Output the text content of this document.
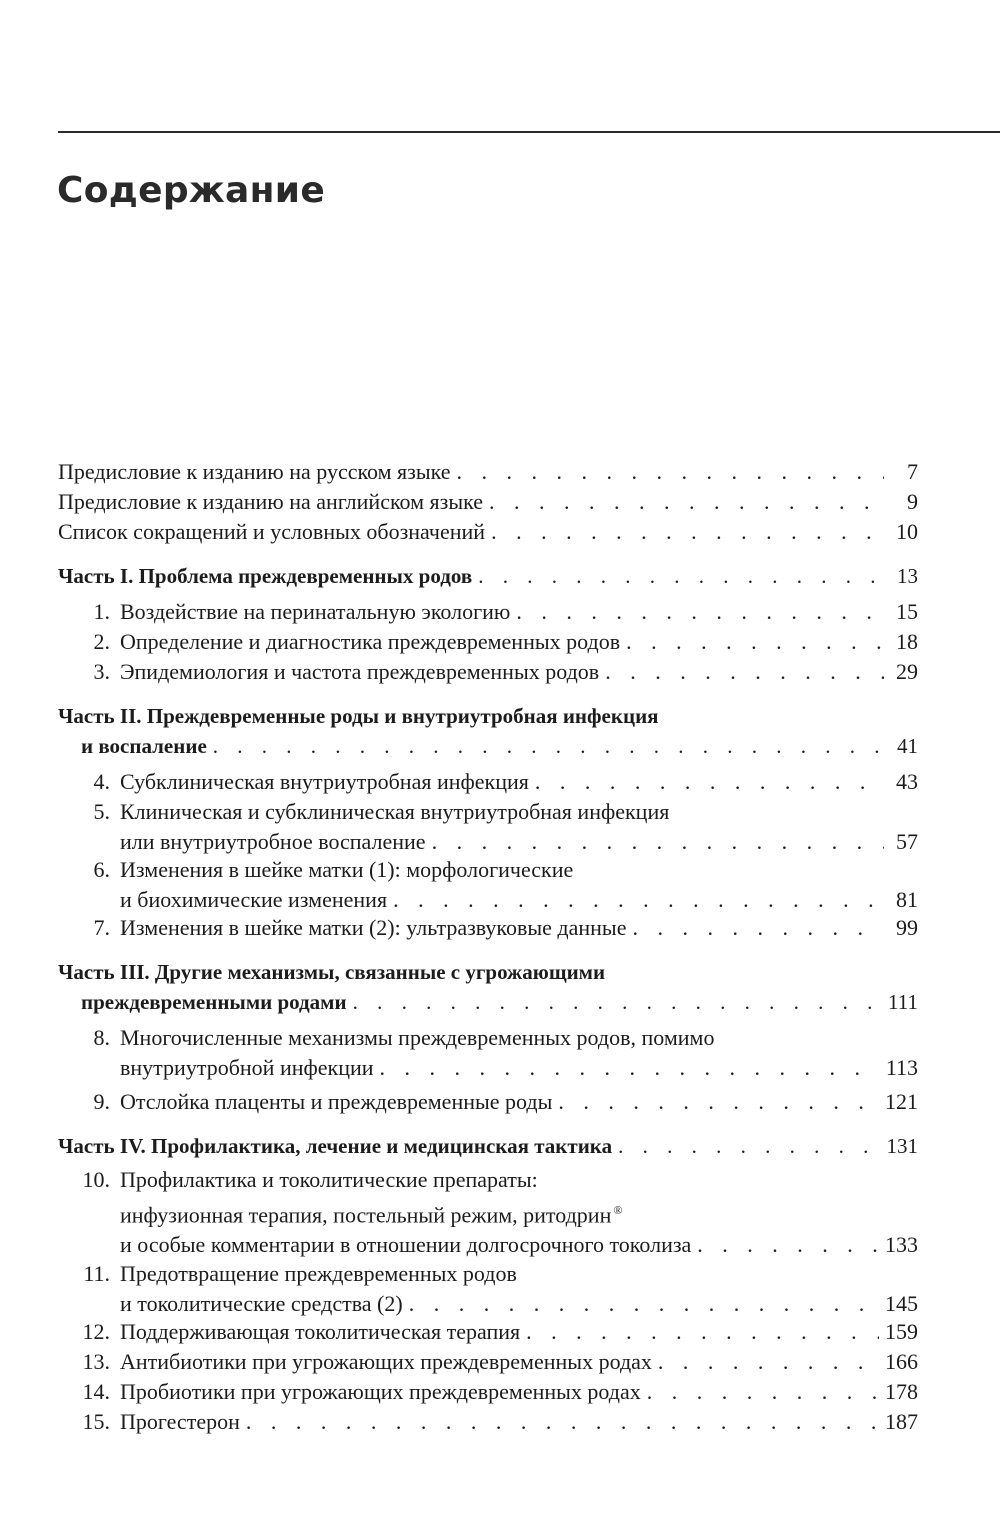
Содержание
Предисловие к изданию на русском языке . . .	7
Предисловие к изданию на английском языке . . .	9
Список сокращений и условных обозначений . . .	10
Часть I. Проблема преждевременных родов . . .	13
1. Воздействие на перинатальную экологию . . .	15
2. Определение и диагностика преждевременных родов . . .	18
3. Эпидемиология и частота преждевременных родов . . .	29
Часть II. Преждевременные роды и внутриутробная инфекция
и воспаление . . .	41
4. Субклиническая внутриутробная инфекция . . .	43
5. Клиническая и субклиническая внутриутробная инфекция
или внутриутробное воспаление . . .	57
6. Изменения в шейке матки (1): морфологические
и биохимические изменения . . .	81
7. Изменения в шейке матки (2): ультразвуковые данные . . .	99
Часть III. Другие механизмы, связанные с угрожающими
преждевременными родами . . .	111
8. Многочисленные механизмы преждевременных родов, помимо
внутриутробной инфекции . . .	113
9. Отслойка плаценты и преждевременные роды . . .	121
Часть IV. Профилактика, лечение и медицинская тактика . . .	131
10. Профилактика и токолитические препараты:
инфузионная терапия, постельный режим, ритодрин ®
и особые комментарии в отношении долгосрочного токолиза . . .	133
11. Предотвращение преждевременных родов
и токолитические средства (2) . . .	145
12. Поддерживающая токолитическая терапия . . .	159
13. Антибиотики при угрожающих преждевременных родах . . .	166
14. Пробиотики при угрожающих преждевременных родах . . .	178
15. Прогестерон . . .	187
